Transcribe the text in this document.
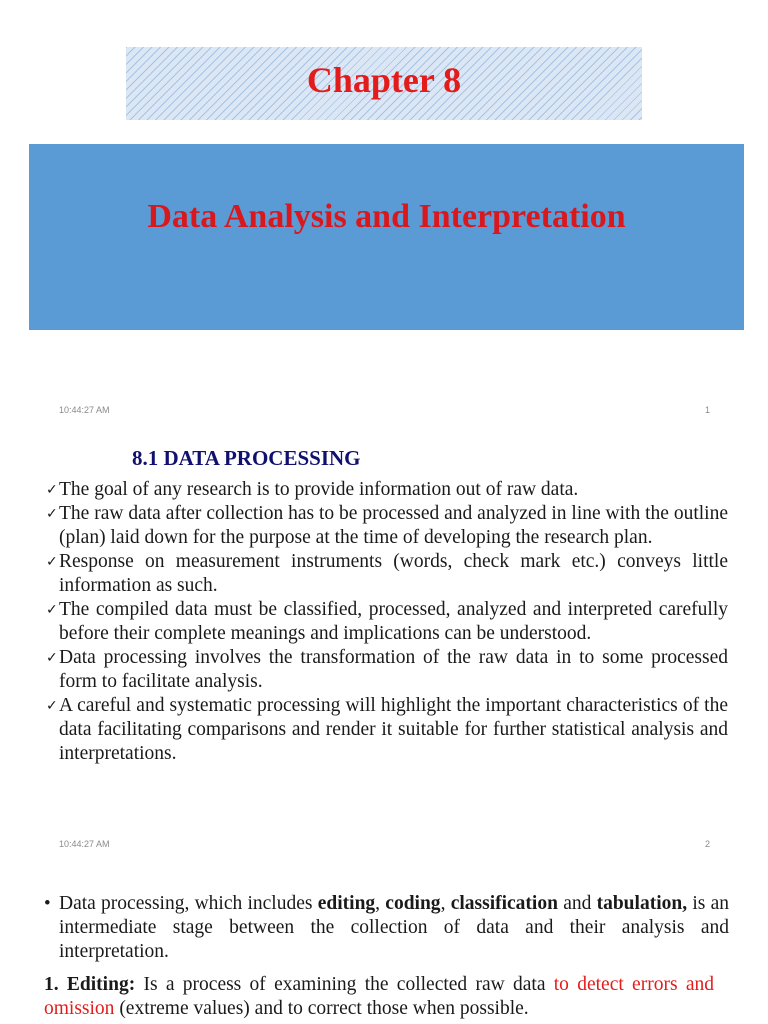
Chapter 8
Data Analysis and Interpretation
10:44:27 AM	1
8.1 DATA PROCESSING
✓ The goal of any research is to provide information out of raw data.
✓ The raw data after collection has to be processed and analyzed in line with the outline (plan) laid down for the purpose at the time of developing the research plan.
✓ Response on measurement instruments (words, check mark etc.) conveys little information as such.
✓ The compiled data must be classified, processed, analyzed and interpreted carefully before their complete meanings and implications can be understood.
✓ Data processing involves the transformation of the raw data in to some processed form to facilitate analysis.
✓ A careful and systematic processing will highlight the important characteristics of the data facilitating comparisons and render it suitable for further statistical analysis and interpretations.
10:44:27 AM	2
• Data processing, which includes editing, coding, classification and tabulation, is an intermediate stage between the collection of data and their analysis and interpretation.
1. Editing: Is a process of examining the collected raw data to detect errors and omission (extreme values) and to correct those when possible.
